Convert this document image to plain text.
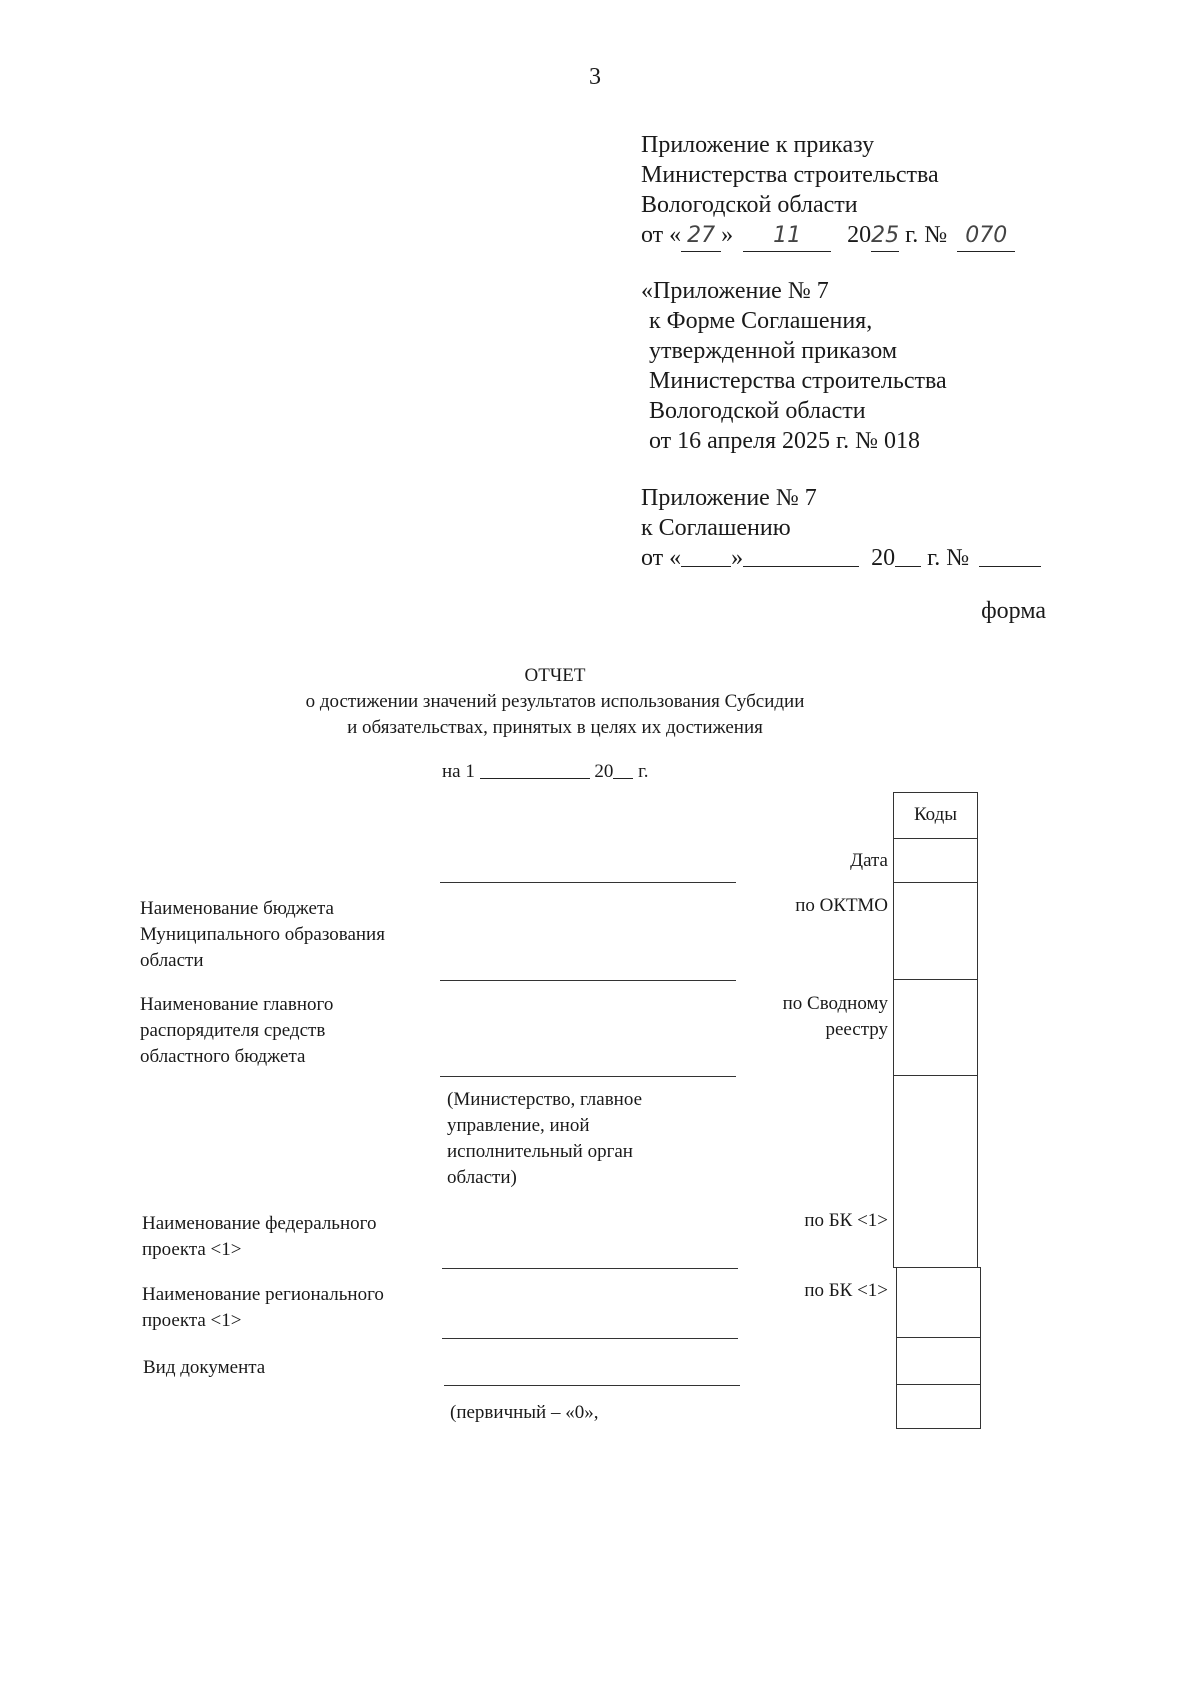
3
Приложение к приказу
Министерства строительства
Вологодской области
от « 27 » 11 2025 г. № 070
«Приложение № 7
к Форме Соглашения,
утвержденной приказом
Министерства строительства
Вологодской области
от 16 апреля 2025 г. № 018
Приложение № 7
к Соглашению
от « »	20 г. №
форма
ОТЧЕТ
о достижении значений результатов использования Субсидии
и обязательствах, принятых в целях их достижения
на 1	20 г.
Коды
Дата
по ОКТМО
по Сводному
реестру
по БК <1>
по БК <1>
Наименование бюджета
Муниципального образования
области
Наименование главного
распорядителя средств
областного бюджета
(Министерство, главное
управление, иной
исполнительный орган
области)
Наименование федерального
проекта <1>
Наименование регионального
проекта <1>
Вид документа
(первичный – «0»,
